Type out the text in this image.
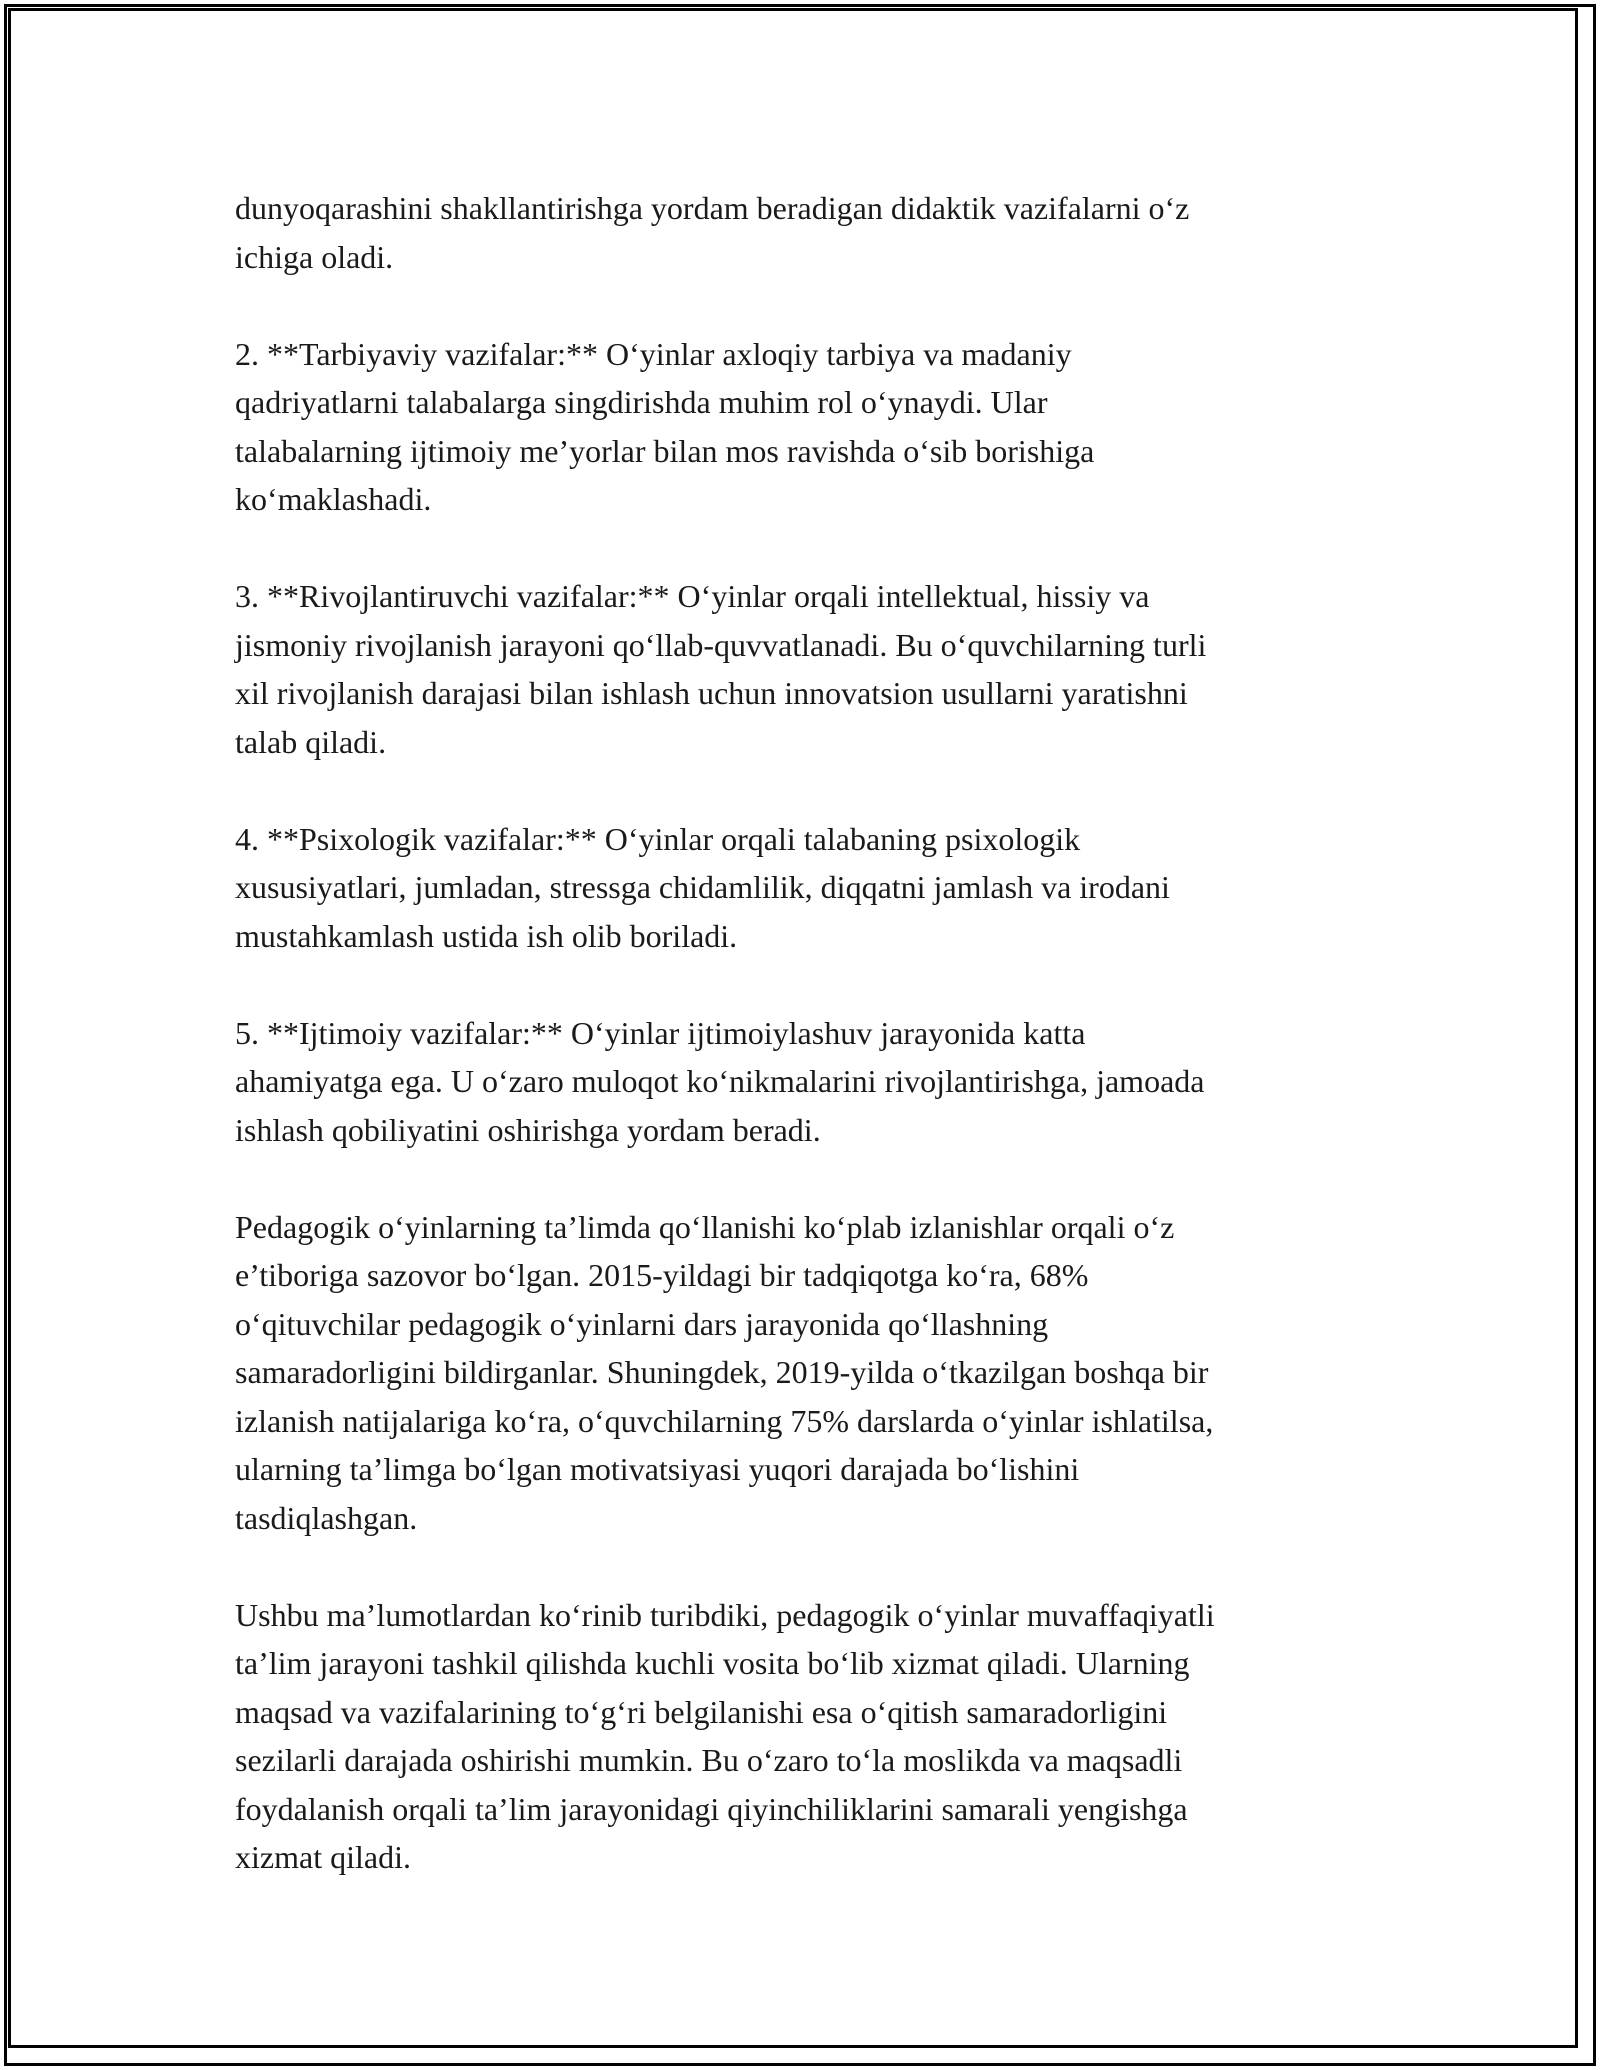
dunyoqarashini shakllantirishga yordam beradigan didaktik vazifalarni o‘z
ichiga oladi.

2. **Tarbiyaviy vazifalar:** O‘yinlar axloqiy tarbiya va madaniy
qadriyatlarni talabalarga singdirishda muhim rol o‘ynaydi. Ular
talabalarning ijtimoiy me’yorlar bilan mos ravishda o‘sib borishiga
ko‘maklashadi.

3. **Rivojlantiruvchi vazifalar:** O‘yinlar orqali intellektual, hissiy va
jismoniy rivojlanish jarayoni qo‘llab-quvvatlanadi. Bu o‘quvchilarning turli
xil rivojlanish darajasi bilan ishlash uchun innovatsion usullarni yaratishni
talab qiladi.

4. **Psixologik vazifalar:** O‘yinlar orqali talabaning psixologik
xususiyatlari, jumladan, stressga chidamlilik, diqqatni jamlash va irodani
mustahkamlash ustida ish olib boriladi.

5. **Ijtimoiy vazifalar:** O‘yinlar ijtimoiylashuv jarayonida katta
ahamiyatga ega. U o‘zaro muloqot ko‘nikmalarini rivojlantirishga, jamoada
ishlash qobiliyatini oshirishga yordam beradi.

Pedagogik o‘yinlarning ta’limda qo‘llanishi ko‘plab izlanishlar orqali o‘z
e’tiboriga sazovor bo‘lgan. 2015-yildagi bir tadqiqotga ko‘ra, 68%
o‘qituvchilar pedagogik o‘yinlarni dars jarayonida qo‘llashning
samaradorligini bildirganlar. Shuningdek, 2019-yilda o‘tkazilgan boshqa bir
izlanish natijalariga ko‘ra, o‘quvchilarning 75% darslarda o‘yinlar ishlatilsa,
ularning ta’limga bo‘lgan motivatsiyasi yuqori darajada bo‘lishini
tasdiqlashgan.

Ushbu ma’lumotlardan ko‘rinib turibdiki, pedagogik o‘yinlar muvaffaqiyatli
ta’lim jarayoni tashkil qilishda kuchli vosita bo‘lib xizmat qiladi. Ularning
maqsad va vazifalarining to‘g‘ri belgilanishi esa o‘qitish samaradorligini
sezilarli darajada oshirishi mumkin. Bu o‘zaro to‘la moslikda va maqsadli
foydalanish orqali ta’lim jarayonidagi qiyinchiliklarini samarali yengishga
xizmat qiladi.
